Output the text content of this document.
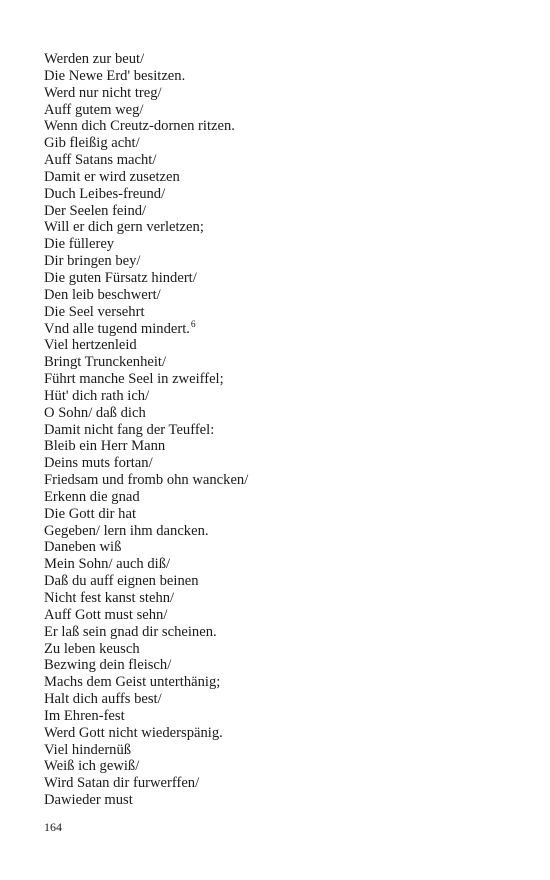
Werden zur beut/
Die Newe Erd' besitzen.
Werd nur nicht treg/
Auff gutem weg/
Wenn dich Creutz-dornen ritzen.
Gib fleißig acht/
Auff Satans macht/
Damit er wird zusetzen
Duch Leibes-freund/
Der Seelen feind/
Will er dich gern verletzen;
Die füllerey
Dir bringen bey/
Die guten Fürsatz hindert/
Den leib beschwert/
Die Seel versehrt
Vnd alle tugend mindert.$^6$
Viel hertzenleid
Bringt Trunckenheit/
Führt manche Seel in zweiffel;
Hüt' dich rath ich/
O Sohn/ daß dich
Damit nicht fang der Teuffel:
Bleib ein Herr Mann
Deins muts fortan/
Friedsam und fromb ohn wancken/
Erkenn die gnad
Die Gott dir hat
Gegeben/ lern ihm dancken.
Daneben wiß
Mein Sohn/ auch diß/
Daß du auff eignen beinen
Nicht fest kanst stehn/
Auff Gott must sehn/
Er laß sein gnad dir scheinen.
Zu leben keusch
Bezwing dein fleisch/
Machs dem Geist unterthänig;
Halt dich auffs best/
Im Ehren-fest
Werd Gott nicht wiederspänig.
Viel hindernüß
Weiß ich gewiß/
Wird Satan dir furwerffen/
Dawieder must
164
